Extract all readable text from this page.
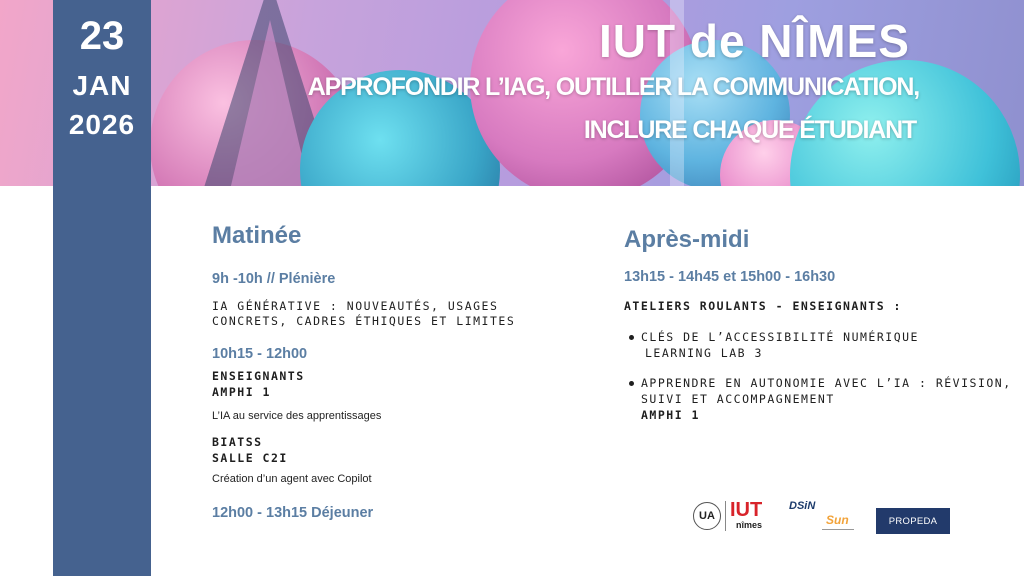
IUT de NÎMES
APPROFONDIR L’IAG, OUTILLER LA COMMUNICATION,
INCLURE CHAQUE ÉTUDIANT
23
JAN
2026
Matinée
9h -10h // Plénière
IA GÉNÉRATIVE : NOUVEAUTÉS, USAGES
CONCRETS, CADRES ÉTHIQUES ET LIMITES
10h15 - 12h00
ENSEIGNANTS
AMPHI 1
L’IA au service des apprentissages
BIATSS
SALLE C2I
Création d’un agent avec Copilot
12h00 - 13h15 Déjeuner
Après-midi
13h15 - 14h45 et 15h00 - 16h30
ATELIERS ROULANTS - ENSEIGNANTS :
CLÉS DE L’ACCESSIBILITÉ NUMÉRIQUE
LEARNING LAB 3
APPRENDRE EN AUTONOMIE AVEC L’IA : RÉVISION,
SUIVI ET ACCOMPAGNEMENT
AMPHI 1
UA IUT
nîmes
DSiN
Sun	PROPEDA
